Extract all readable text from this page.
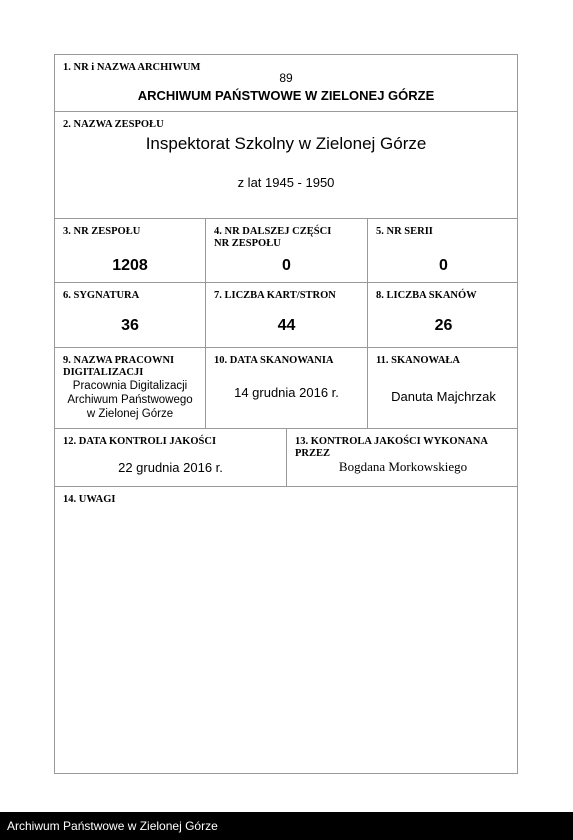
1. NR i NAZWA ARCHIWUM
89
ARCHIWUM PAŃSTWOWE W ZIELONEJ GÓRZE
2. NAZWA ZESPOŁU
Inspektorat Szkolny w Zielonej Górze
z lat 1945 - 1950
3. NR ZESPOŁU
1208
4. NR DALSZEJ CZĘŚCI
NR ZESPOŁU
0
5. NR SERII
0
6. SYGNATURA
36
7. LICZBA KART/STRON
44
8. LICZBA SKANÓW
26
9. NAZWA PRACOWNI
DIGITALIZACJI
Pracownia Digitalizacji
Archiwum Państwowego
w Zielonej Górze
10. DATA SKANOWANIA
14 grudnia 2016 r.
11. SKANOWAŁA
Danuta Majchrzak
12. DATA KONTROLI JAKOŚCI
22 grudnia 2016 r.
13. KONTROLA JAKOŚCI WYKONANA
PRZEZ
Bogdana Morkowskiego
14. UWAGI
Archiwum Państwowe w Zielonej Górze
